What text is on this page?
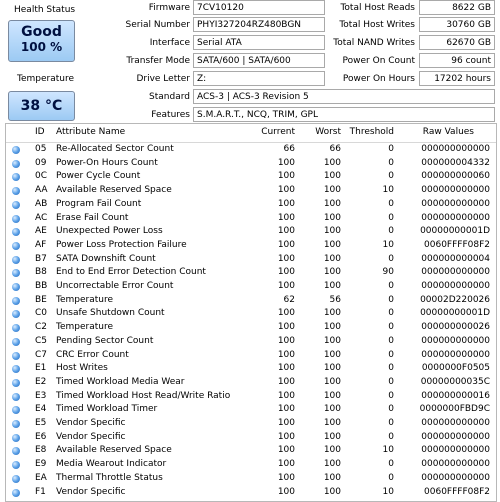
Health Status
Good
100 %
Temperature
38 °C
Firmware 7CV10120
Serial Number PHYI327204RZ480BGN
Interface Serial ATA
Transfer Mode SATA/600 | SATA/600
Drive Letter Z:
Standard ACS-3 | ACS-3 Revision 5
Features S.M.A.R.T., NCQ, TRIM, GPL
Total Host Reads	8622 GB
Total Host Writes	30760 GB
Total NAND Writes	62670 GB
Power On Count	96 count
Power On Hours	17202 hours
ID Attribute Name	Current Worst Threshold	Raw Values
05 Re-Allocated Sector Count	66	66	0	000000000000
09 Power-On Hours Count	100	100	0	000000004332
0C Power Cycle Count	100	100	0	000000000060
AA Available Reserved Space	100	100	10	000000000000
AB Program Fail Count	100	100	0	000000000000
AC Erase Fail Count	100	100	0	000000000000
AE Unexpected Power Loss	100	100	0	00000000001D
AF Power Loss Protection Failure	100	100	10	0060FFFF08F2
B7 SATA Downshift Count	100	100	0	000000000004
B8 End to End Error Detection Count	100	100	90	000000000000
BB Uncorrectable Error Count	100	100	0	000000000000
BE Temperature	62	56	0	00002D220026
C0 Unsafe Shutdown Count	100	100	0	00000000001D
C2 Temperature	100	100	0	000000000026
C5 Pending Sector Count	100	100	0	000000000000
C7 CRC Error Count	100	100	0	000000000000
E1 Host Writes	100	100	0	0000000F0505
E2 Timed Workload Media Wear	100	100	0	00000000035C
E3 Timed Workload Host Read/Write Ratio	100	100	0	000000000016
E4 Timed Workload Timer	100	100	0	0000000FBD9C
E5 Vendor Specific	100	100	0	000000000000
E6 Vendor Specific	100	100	0	000000000000
E8 Available Reserved Space	100	100	10	000000000000
E9 Media Wearout Indicator	100	100	0	000000000000
EA Thermal Throttle Status	100	100	0	000000000000
F1 Vendor Specific	100	100	10	0060FFFF08F2
